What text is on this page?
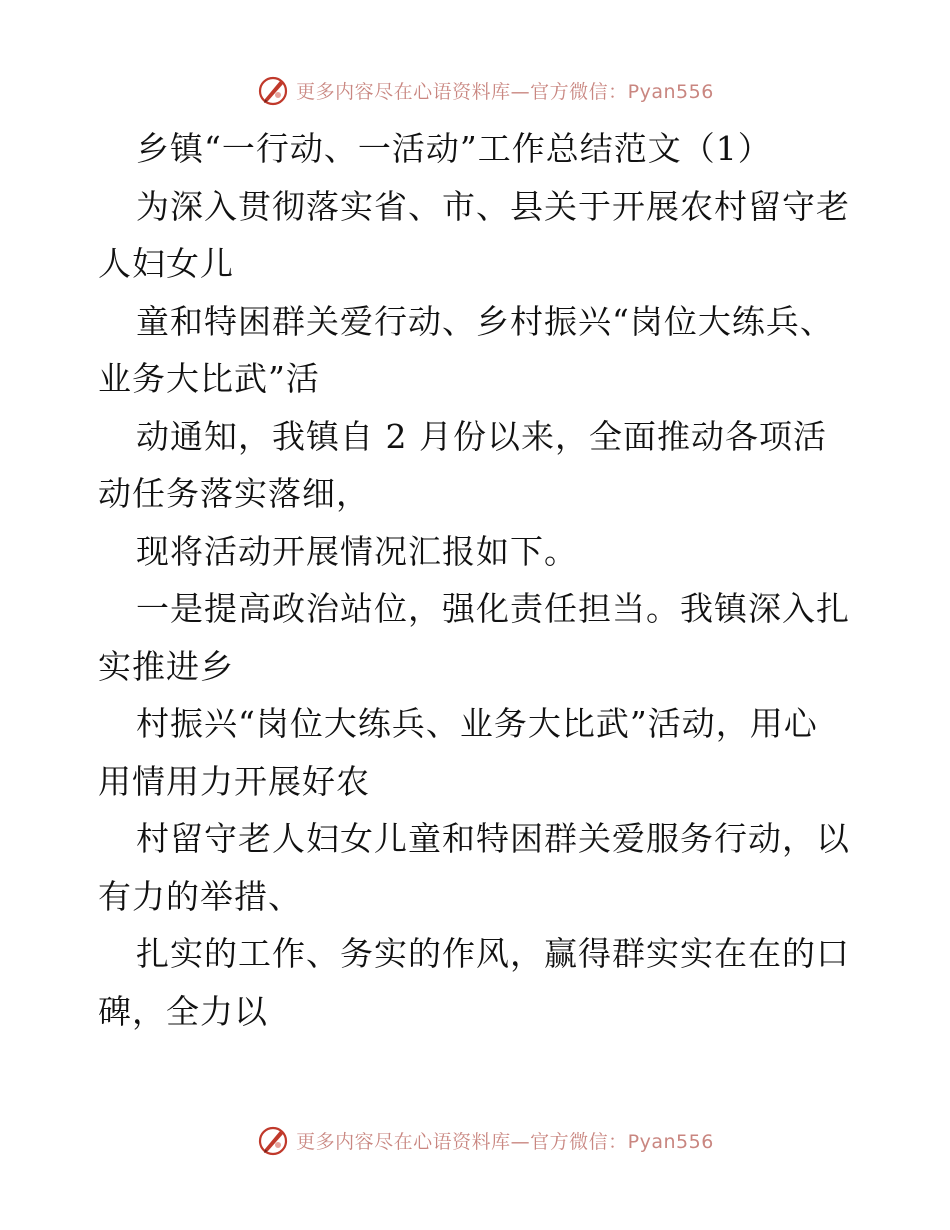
更多内容尽在心语资料库—官方微信：Pyan556
乡镇“一行动、一活动”工作总结范文（1）
为深入贯彻落实省、市、县关于开展农村留守老
人妇女儿
童和特困群关爱行动、乡村振兴“岗位大练兵、
业务大比武”活
动通知，我镇自 2 月份以来，全面推动各项活
动任务落实落细，
现将活动开展情况汇报如下。
一是提高政治站位，强化责任担当。我镇深入扎
实推进乡
村振兴“岗位大练兵、业务大比武”活动，用心
用情用力开展好农
村留守老人妇女儿童和特困群关爱服务行动，以
有力的举措、
扎实的工作、务实的作风，赢得群实实在在的口
碑，全力以
更多内容尽在心语资料库—官方微信：Pyan556
